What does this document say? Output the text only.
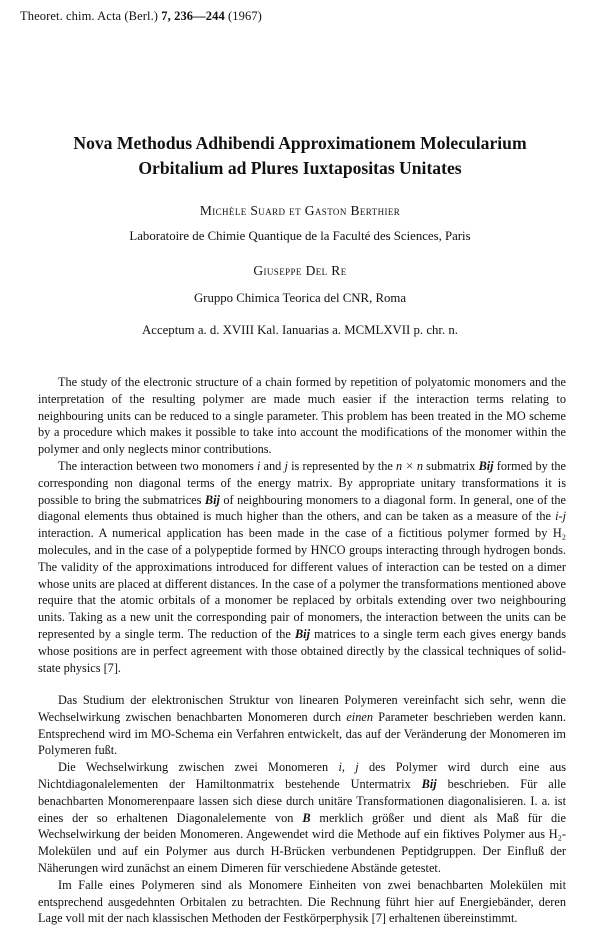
Theoret. chim. Acta (Berl.) 7, 236—244 (1967)
Nova Methodus Adhibendi Approximationem Molecularium
Orbitalium ad Plures Iuxtapositas Unitates
Michèle Suard et Gaston Berthier
Laboratoire de Chimie Quantique de la Faculté des Sciences, Paris
Giuseppe Del Re
Gruppo Chimica Teorica del CNR, Roma
Acceptum a. d. XVIII Kal. Ianuarias a. MCMLXVII p. chr. n.

The study of the electronic structure of a chain formed by repetition of polyatomic monomers and the interpretation of the resulting polymer are made much easier if the interaction terms relating to neighbouring units can be reduced to a single parameter. This problem has been treated in the MO scheme by a procedure which makes it possible to take into account the modifications of the monomer within the polymer and only neglects minor contributions.

The interaction between two monomers i and j is represented by the n × n submatrix Bij formed by the corresponding non diagonal terms of the energy matrix. By appropriate unitary transformations it is possible to bring the submatrices Bij of neighbouring monomers to a diagonal form. In general, one of the diagonal elements thus obtained is much higher than the others, and can be taken as a measure of the i-j interaction. A numerical application has been made in the case of a fictitious polymer formed by H₂ molecules, and in the case of a polypeptide formed by HNCO groups interacting through hydrogen bonds. The validity of the approximations introduced for different values of interaction can be tested on a dimer whose units are placed at different distances. In the case of a polymer the transformations mentioned above require that the atomic orbitals of a monomer be replaced by orbitals extending over two neighbouring units. Taking as a new unit the corresponding pair of monomers, the interaction between the units can be represented by a single term. The reduction of the Bij matrices to a single term each gives energy bands whose positions are in perfect agreement with those obtained directly by the classical techniques of solid-state physics [7].

Das Studium der elektronischen Struktur von linearen Polymeren vereinfacht sich sehr, wenn die Wechselwirkung zwischen benachbarten Monomeren durch einen Parameter beschrieben werden kann. Entsprechend wird im MO-Schema ein Verfahren entwickelt, das auf der Veränderung der Monomeren im Polymeren fußt.

Die Wechselwirkung zwischen zwei Monomeren i, j des Polymer wird durch eine aus Nichtdiagonalelementen der Hamiltonmatrix bestehende Untermatrix Bij beschrieben. Für alle benachbarten Monomerenpaare lassen sich diese durch unitäre Transformationen diagonalisieren. I. a. ist eines der so erhaltenen Diagonalelemente von B merklich größer und dient als Maß für die Wechselwirkung der beiden Monomeren. Angewendet wird die Methode auf ein fiktives Polymer aus H₂-Molekülen und auf ein Polymer aus durch H-Brücken verbundenen Peptidgruppen. Der Einfluß der Näherungen wird zunächst an einem Dimeren für verschiedene Abstände getestet.

Im Falle eines Polymeren sind als Monomere Einheiten von zwei benachbarten Molekülen mit entsprechend ausgedehnten Orbitalen zu betrachten. Die Rechnung führt hier auf Energiebänder, deren Lage voll mit der nach klassischen Methoden der Festkörperphysik [7] erhaltenen übereinstimmt.
